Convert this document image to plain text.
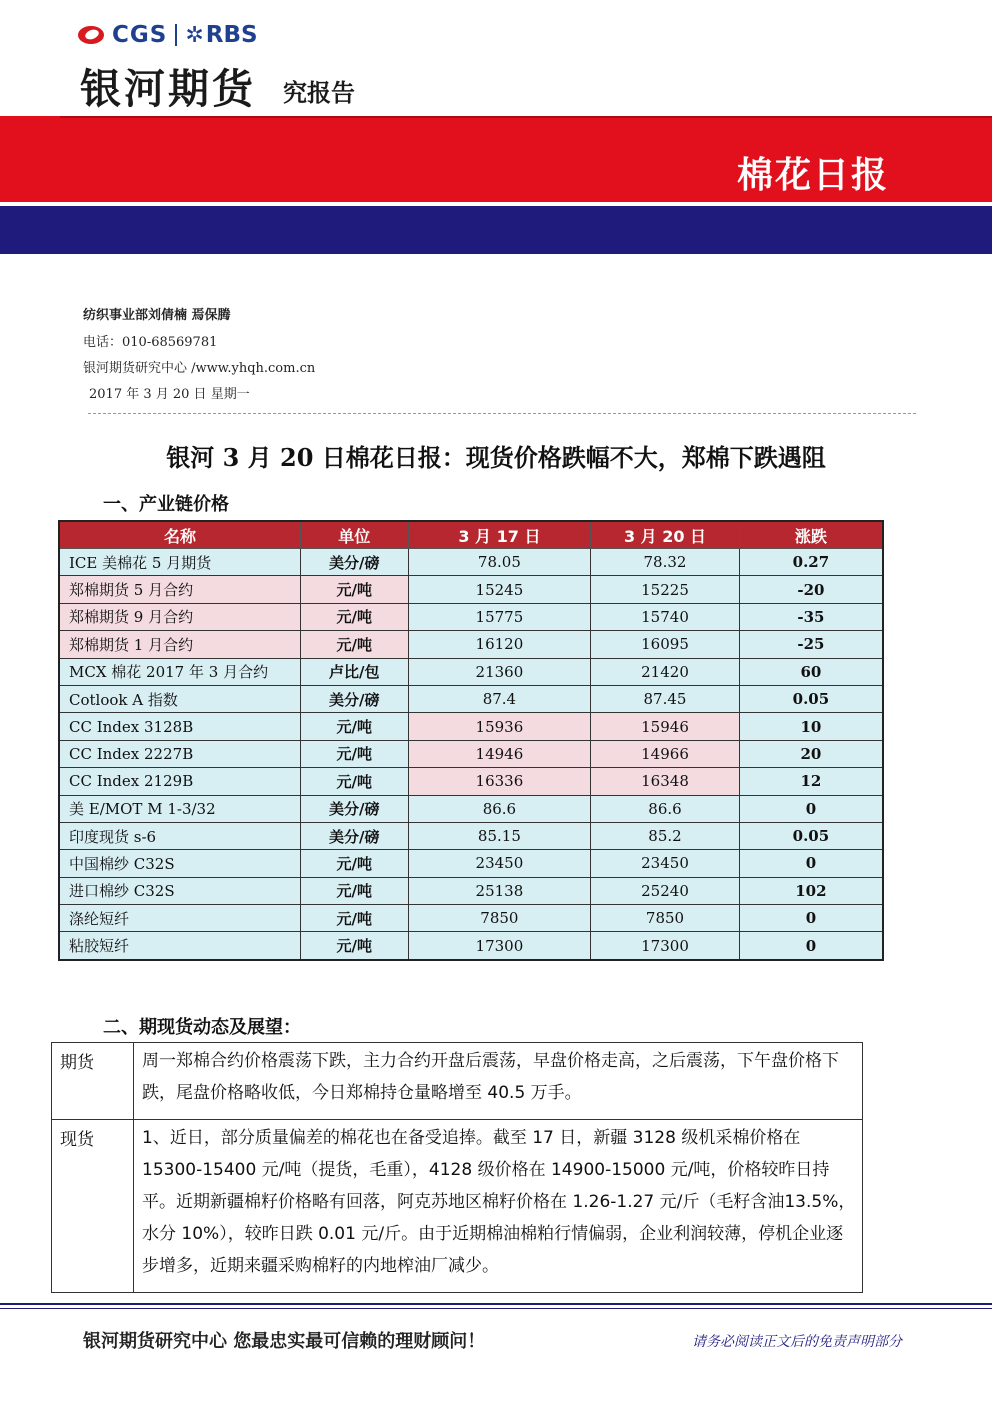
CGS ✲ RBS
银河期货 究报告
棉花日报
纺织事业部刘倩楠 焉保腾
电话：010-68569781
银河期货研究中心 /www.yhqh.com.cn
2017 年 3 月 20 日 星期一
银河 3 月 20 日棉花日报：现货价格跌幅不大，郑棉下跌遇阻
一、产业链价格
名称	单位	3 月 17 日	3 月 20 日	涨跌
ICE 美棉花 5 月期货	美分/磅	78.05	78.32	0.27
郑棉期货 5 月合约	元/吨	15245	15225	-20
郑棉期货 9 月合约	元/吨	15775	15740	-35
郑棉期货 1 月合约	元/吨	16120	16095	-25
MCX 棉花 2017 年 3 月合约	卢比/包	21360	21420	60
Cotlook A 指数	美分/磅	87.4	87.45	0.05
CC Index 3128B	元/吨	15936	15946	10
CC Index 2227B	元/吨	14946	14966	20
CC Index 2129B	元/吨	16336	16348	12
美 E/MOT M 1-3/32	美分/磅	86.6	86.6	0
印度现货 s-6	美分/磅	85.15	85.2	0.05
中国棉纱 C32S	元/吨	23450	23450	0
进口棉纱 C32S	元/吨	25138	25240	102
涤纶短纤	元/吨	7850	7850	0
粘胶短纤	元/吨	17300	17300	0
二、期现货动态及展望：
期货	周一郑棉合约价格震荡下跌，主力合约开盘后震荡，早盘价格走高，之后震荡，下午盘价格下跌，尾盘价格略收低，今日郑棉持仓量略增至 40.5 万手。
现货	1、近日，部分质量偏差的棉花也在备受追捧。截至 17 日，新疆 3128 级机采棉价格在15300-15400 元/吨（提货，毛重），4128 级价格在 14900-15000 元/吨，价格较昨日持平。近期新疆棉籽价格略有回落，阿克苏地区棉籽价格在 1.26-1.27 元/斤（毛籽含油13.5%，水分 10%），较昨日跌 0.01 元/斤。由于近期棉油棉粕行情偏弱，企业利润较薄，停机企业逐步增多，近期来疆采购棉籽的内地榨油厂减少。
银河期货研究中心 您最忠实最可信赖的理财顾问！	请务必阅读正文后的免责声明部分
